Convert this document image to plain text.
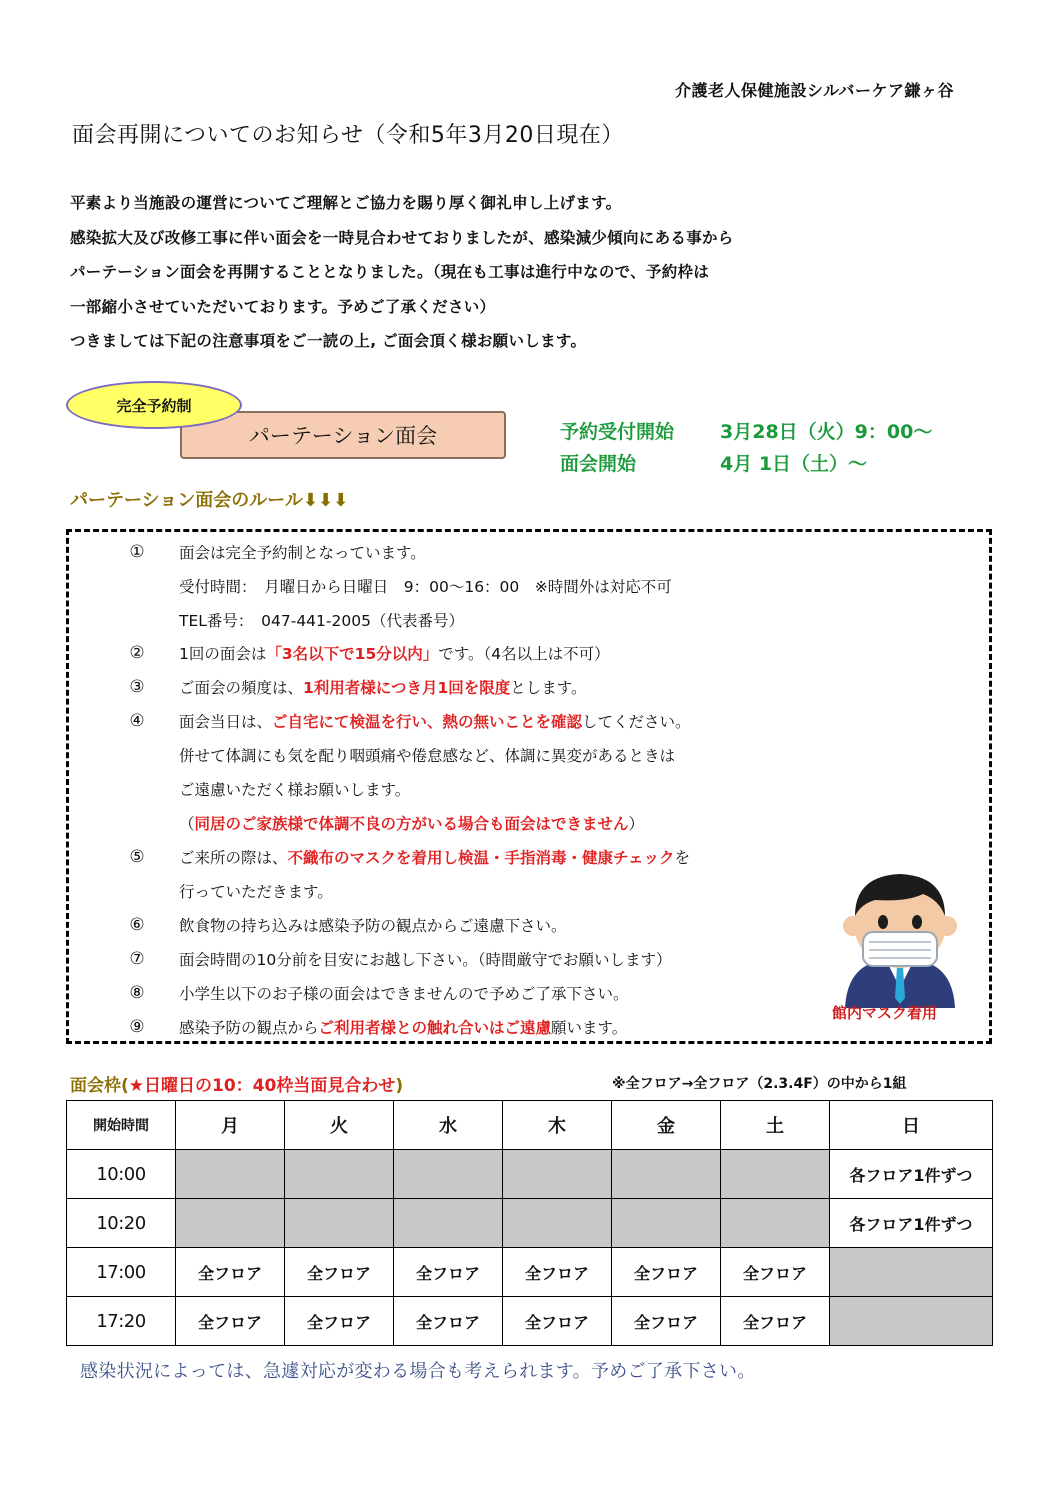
介護老人保健施設シルバーケア鎌ヶ谷
面会再開についてのお知らせ（令和5年3月20日現在）
平素より当施設の運営についてご理解とご協力を賜り厚く御礼申し上げます。
感染拡大及び改修工事に伴い面会を一時見合わせておりましたが、感染減少傾向にある事から
パーテーション面会を再開することとなりました。（現在も工事は進行中なので、予約枠は
一部縮小させていただいております。予めご了承ください）
つきましては下記の注意事項をご一読の上, ご面会頂く様お願いします。
完全予約制
パーテーション面会	予約受付開始	3月28日（火）9：00～
面会開始	4月 1日（土）～
パーテーション面会のルール⬇⬇⬇
① 面会は完全予約制となっています。
受付時間：　月曜日から日曜日　9：00～16：00　※時間外は対応不可
TEL番号：　047-441-2005（代表番号）
② 1回の面会は 「3名以下で15分以内」 です。（4名以上は不可）
③ ご面会の頻度は、 1利用者様につき月1回を限度 とします。
④ 面会当日は、 ご自宅にて検温を行い、熱の無いことを確認 してください。
併せて体調にも気を配り咽頭痛や倦怠感など、体調に異変があるときは
ご遠慮いただく様お願いします。
（ 同居のご家族様で体調不良の方がいる場合も面会はできません ）
⑤ ご来所の際は、 不織布のマスクを着用し検温・手指消毒・健康チェック を
行っていただきます。
⑥ 飲食物の持ち込みは感染予防の観点からご遠慮下さい。
⑦ 面会時間の10分前を目安にお越し下さい。（時間厳守でお願いします）
⑧ 小学生以下のお子様の面会はできませんので予めご了承下さい。
⑨ 感染予防の観点から ご利用者様との触れ合いはご遠慮 願います。
館内マスク着用
面会枠(★日曜日の10：40枠当面見合わせ)	※全フロア→全フロア（2.3.4F）の中から1組
開始時間	月	火	水	木	金	土	日
10:00							各フロア1件ずつ
10:20							各フロア1件ずつ
17:00	全フロア	全フロア	全フロア	全フロア	全フロア	全フロア	
17:20	全フロア	全フロア	全フロア	全フロア	全フロア	全フロア	
感染状況によっては、急遽対応が変わる場合も考えられます。予めご了承下さい。
